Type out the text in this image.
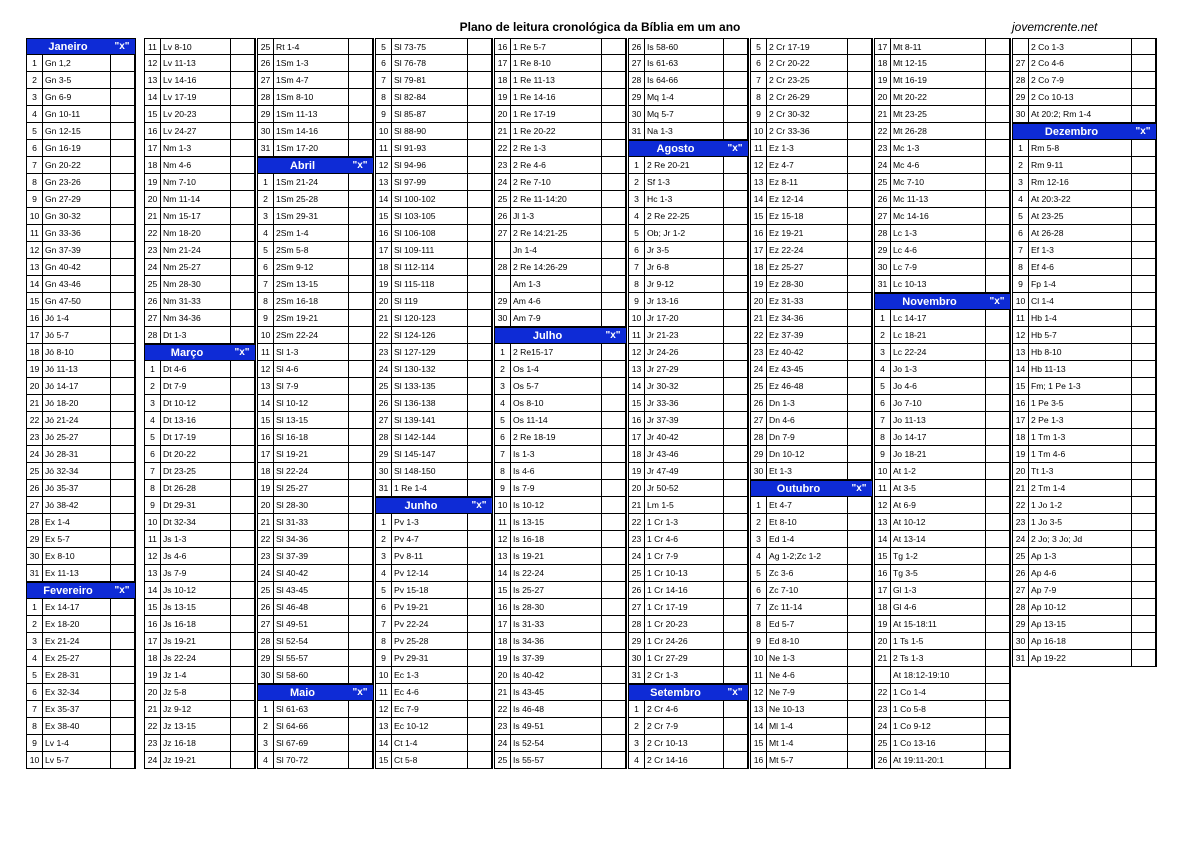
Plano de leitura cronológica da Bíblia em um ano	jovemcrente.net
Janeiro	"x"
1 Gn 1,2
2 Gn 3-5
3 Gn 6-9
4 Gn 10-11
5 Gn 12-15
6 Gn 16-19
7 Gn 20-22
8 Gn 23-26
9 Gn 27-29
10 Gn 30-32
11 Gn 33-36
12 Gn 37-39
13 Gn 40-42
14 Gn 43-46
15 Gn 47-50
16 Jó 1-4
17 Jó 5-7
18 Jó 8-10
19 Jó 11-13
20 Jó 14-17
21 Jó 18-20
22 Jó 21-24
23 Jó 25-27
24 Jó 28-31
25 Jó 32-34
26 Jó 35-37
27 Jó 38-42
28 Ex 1-4
29 Ex 5-7
30 Ex 8-10
31 Ex 11-13
Fevereiro	"x"
1 Ex 14-17
2 Ex 18-20
3 Ex 21-24
4 Ex 25-27
5 Ex 28-31
6 Ex 32-34
7 Ex 35-37
8 Ex 38-40
9 Lv 1-4
10 Lv 5-7
11 Lv 8-10
12 Lv 11-13
13 Lv 14-16
14 Lv 17-19
15 Lv 20-23
16 Lv 24-27
17 Nm 1-3
18 Nm 4-6
19 Nm 7-10
20 Nm 11-14
21 Nm 15-17
22 Nm 18-20
23 Nm 21-24
24 Nm 25-27
25 Nm 28-30
26 Nm 31-33
27 Nm 34-36
28 Dt 1-3
Março	"x"
1 Dt 4-6
2 Dt 7-9
3 Dt 10-12
4 Dt 13-16
5 Dt 17-19
6 Dt 20-22
7 Dt 23-25
8 Dt 26-28
9 Dt 29-31
10 Dt 32-34
11 Js 1-3
12 Js 4-6
13 Js 7-9
14 Js 10-12
15 Js 13-15
16 Js 16-18
17 Js 19-21
18 Js 22-24
19 Jz 1-4
20 Jz 5-8
21 Jz 9-12
22 Jz 13-15
23 Jz 16-18
24 Jz 19-21
25 Rt 1-4
26 1Sm 1-3
27 1Sm 4-7
28 1Sm 8-10
29 1Sm 11-13
30 1Sm 14-16
31 1Sm 17-20
Abril	"x"
1 1Sm 21-24
2 1Sm 25-28
3 1Sm 29-31
4 2Sm 1-4
5 2Sm 5-8
6 2Sm 9-12
7 2Sm 13-15
8 2Sm 16-18
9 2Sm 19-21
10 2Sm 22-24
11 Sl 1-3
12 Sl 4-6
13 Sl 7-9
14 Sl 10-12
15 Sl 13-15
16 Sl 16-18
17 Sl 19-21
18 Sl 22-24
19 Sl 25-27
20 Sl 28-30
21 Sl 31-33
22 Sl 34-36
23 Sl 37-39
24 Sl 40-42
25 Sl 43-45
26 Sl 46-48
27 Sl 49-51
28 Sl 52-54
29 Sl 55-57
30 Sl 58-60
Maio	"x"
1 Sl 61-63
2 Sl 64-66
3 Sl 67-69
4 Sl 70-72
5 Sl 73-75
6 Sl 76-78
7 Sl 79-81
8 Sl 82-84
9 Sl 85-87
10 Sl 88-90
11 Sl 91-93
12 Sl 94-96
13 Sl 97-99
14 Sl 100-102
15 Sl 103-105
16 Sl 106-108
17 Sl 109-111
18 Sl 112-114
19 Sl 115-118
20 Sl 119
21 Sl 120-123
22 Sl 124-126
23 Sl 127-129
24 Sl 130-132
25 Sl 133-135
26 Sl 136-138
27 Sl 139-141
28 Sl 142-144
29 Sl 145-147
30 Sl 148-150
31 1 Re 1-4
Junho	"x"
1 Pv 1-3
2 Pv 4-7
3 Pv 8-11
4 Pv 12-14
5 Pv 15-18
6 Pv 19-21
7 Pv 22-24
8 Pv 25-28
9 Pv 29-31
10 Ec 1-3
11 Ec 4-6
12 Ec 7-9
13 Ec 10-12
14 Ct 1-4
15 Ct 5-8
16 1 Re 5-7
17 1 Re 8-10
18 1 Re 11-13
19 1 Re 14-16
20 1 Re 17-19
21 1 Re 20-22
22 2 Re 1-3
23 2 Re 4-6
24 2 Re 7-10
25 2 Re 11-14:20
26 Jl 1-3
27 2 Re 14:21-25
Jn 1-4
28 2 Re 14:26-29
Am 1-3
29 Am 4-6
30 Am 7-9
Julho	"x"
1 2 Re15-17
2 Os 1-4
3 Os 5-7
4 Os 8-10
5 Os 11-14
6 2 Re 18-19
7 Is 1-3
8 Is 4-6
9 Is 7-9
10 Is 10-12
11 Is 13-15
12 Is 16-18
13 Is 19-21
14 Is 22-24
15 Is 25-27
16 Is 28-30
17 Is 31-33
18 Is 34-36
19 Is 37-39
20 Is 40-42
21 Is 43-45
22 Is 46-48
23 Is 49-51
24 Is 52-54
25 Is 55-57
26 Is 58-60
27 Is 61-63
28 Is 64-66
29 Mq 1-4
30 Mq 5-7
31 Na 1-3
Agosto	"x"
1 2 Re 20-21
2 Sf 1-3
3 Hc 1-3
4 2 Re 22-25
5 Ob; Jr 1-2
6 Jr 3-5
7 Jr 6-8
8 Jr 9-12
9 Jr 13-16
10 Jr 17-20
11 Jr 21-23
12 Jr 24-26
13 Jr 27-29
14 Jr 30-32
15 Jr 33-36
16 Jr 37-39
17 Jr 40-42
18 Jr 43-46
19 Jr 47-49
20 Jr 50-52
21 Lm 1-5
22 1 Cr 1-3
23 1 Cr 4-6
24 1 Cr 7-9
25 1 Cr 10-13
26 1 Cr 14-16
27 1 Cr 17-19
28 1 Cr 20-23
29 1 Cr 24-26
30 1 Cr 27-29
31 2 Cr 1-3
Setembro	"x"
1 2 Cr 4-6
2 2 Cr 7-9
3 2 Cr 10-13
4 2 Cr 14-16
5 2 Cr 17-19
6 2 Cr 20-22
7 2 Cr 23-25
8 2 Cr 26-29
9 2 Cr 30-32
10 2 Cr 33-36
11 Ez 1-3
12 Ez 4-7
13 Ez 8-11
14 Ez 12-14
15 Ez 15-18
16 Ez 19-21
17 Ez 22-24
18 Ez 25-27
19 Ez 28-30
20 Ez 31-33
21 Ez 34-36
22 Ez 37-39
23 Ez 40-42
24 Ez 43-45
25 Ez 46-48
26 Dn 1-3
27 Dn 4-6
28 Dn 7-9
29 Dn 10-12
30 Et 1-3
Outubro	"x"
1 Et 4-7
2 Et 8-10
3 Ed 1-4
4 Ag 1-2;Zc 1-2
5 Zc 3-6
6 Zc 7-10
7 Zc 11-14
8 Ed 5-7
9 Ed 8-10
10 Ne 1-3
11 Ne 4-6
12 Ne 7-9
13 Ne 10-13
14 Ml 1-4
15 Mt 1-4
16 Mt 5-7
17 Mt 8-11
18 Mt 12-15
19 Mt 16-19
20 Mt 20-22
21 Mt 23-25
22 Mt 26-28
23 Mc 1-3
24 Mc 4-6
25 Mc 7-10
26 Mc 11-13
27 Mc 14-16
28 Lc 1-3
29 Lc 4-6
30 Lc 7-9
31 Lc 10-13
Novembro	"x"
1 Lc 14-17
2 Lc 18-21
3 Lc 22-24
4 Jo 1-3
5 Jo 4-6
6 Jo 7-10
7 Jo 11-13
8 Jo 14-17
9 Jo 18-21
10 At 1-2
11 At 3-5
12 At 6-9
13 At 10-12
14 At 13-14
15 Tg 1-2
16 Tg 3-5
17 Gl 1-3
18 Gl 4-6
19 At 15-18:11
20 1 Ts 1-5
21 2 Ts 1-3
At 18:12-19:10
22 1 Co 1-4
23 1 Co 5-8
24 1 Co 9-12
25 1 Co 13-16
26 At 19:11-20:1
2 Co 1-3
27 2 Co 4-6
28 2 Co 7-9
29 2 Co 10-13
30 At 20:2; Rm 1-4
Dezembro	"x"
1 Rm 5-8
2 Rm 9-11
3 Rm 12-16
4 At 20:3-22
5 At 23-25
6 At 26-28
7 Ef 1-3
8 Ef 4-6
9 Fp 1-4
10 Cl 1-4
11 Hb 1-4
12 Hb 5-7
13 Hb 8-10
14 Hb 11-13
15 Fm; 1 Pe 1-3
16 1 Pe 3-5
17 2 Pe 1-3
18 1 Tm 1-3
19 1 Tm 4-6
20 Tt 1-3
21 2 Tm 1-4
22 1 Jo 1-2
23 1 Jo 3-5
24 2 Jo; 3 Jo; Jd
25 Ap 1-3
26 Ap 4-6
27 Ap 7-9
28 Ap 10-12
29 Ap 13-15
30 Ap 16-18
31 Ap 19-22
